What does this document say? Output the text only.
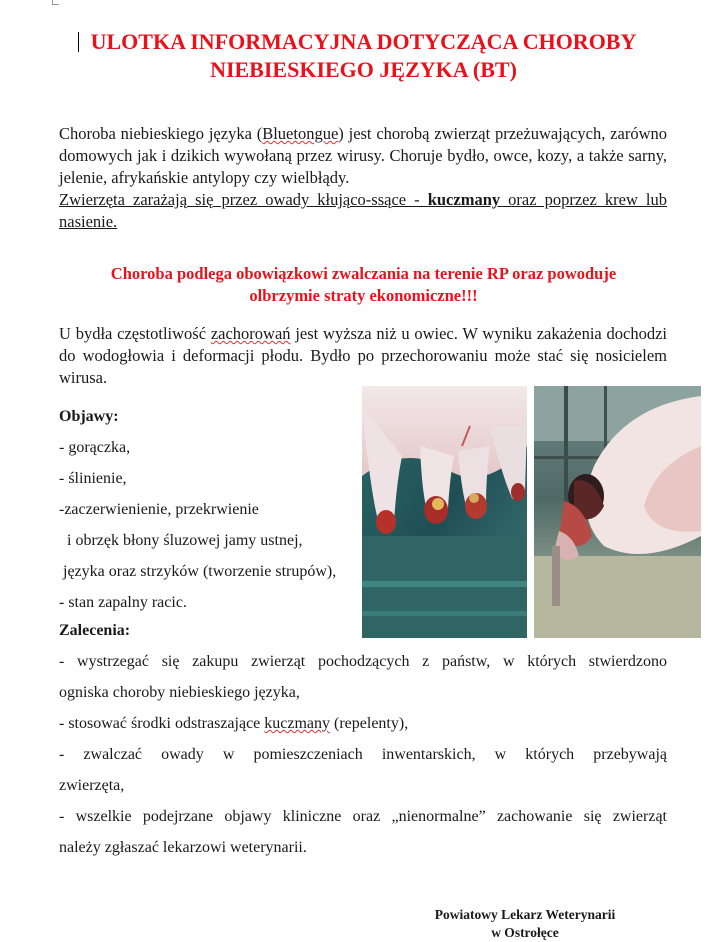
ULOTKA INFORMACYJNA DOTYCZĄCA CHOROBY
NIEBIESKIEGO JĘZYKA (BT)
Choroba niebieskiego języka (Bluetongue) jest chorobą zwierząt przeżuwających, zarówno domowych jak i dzikich wywołaną przez wirusy. Choruje bydło, owce, kozy, a także sarny, jelenie, afrykańskie antylopy czy wielbłądy.
Zwierzęta zarażają się przez owady kłująco-ssące - kuczmany oraz poprzez krew lub nasienie.
Choroba podlega obowiązkowi zwalczania na terenie RP oraz powoduje
olbrzymie straty ekonomiczne!!!
U bydła częstotliwość zachorowań jest wyższa niż u owiec. W wyniku zakażenia dochodzi do wodogłowia i deformacji płodu. Bydło po przechorowaniu może stać się nosicielem wirusa.
Objawy:
- gorączka,
- ślinienie,
-zaczerwienienie, przekrwienie
i obrzęk błony śluzowej jamy ustnej,
języka oraz strzyków (tworzenie strupów),
- stan zapalny racic.
Zalecenia:
- wystrzegać się zakupu zwierząt pochodzących z państw, w których stwierdzono
ogniska choroby niebieskiego języka,
- stosować środki odstraszające kuczmany (repelenty),
- zwalczać owady w pomieszczeniach inwentarskich, w których przebywają
zwierzęta,
- wszelkie podejrzane objawy kliniczne oraz „nienormalne” zachowanie się zwierząt
należy zgłaszać lekarzowi weterynarii.
Powiatowy Lekarz Weterynarii
w Ostrołęce
